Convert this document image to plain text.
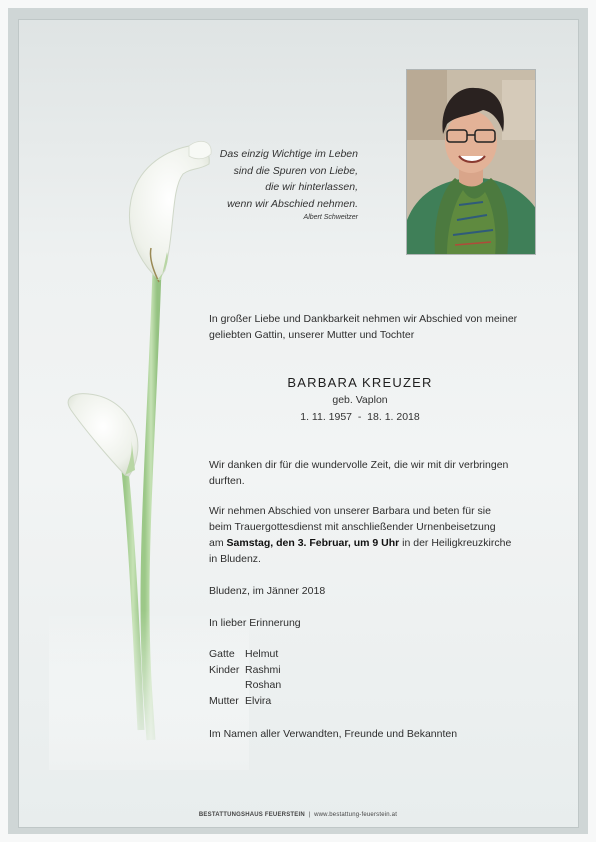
Das einzig Wichtige im Leben
sind die Spuren von Liebe,
die wir hinterlassen,
wenn wir Abschied nehmen.
Albert Schweitzer
In großer Liebe und Dankbarkeit nehmen wir Abschied von meiner
geliebten Gattin, unserer Mutter und Tochter
BARBARA KREUZER
geb. Vaplon
1. 11. 1957  -  18. 1. 2018
Wir danken dir für die wundervolle Zeit, die wir mit dir verbringen
durften.
Wir nehmen Abschied von unserer Barbara und beten für sie
beim Trauergottesdienst mit anschließender Urnenbeisetzung
am Samstag, den 3. Februar, um 9 Uhr in der Heiligkreuzkirche
in Bludenz.
Bludenz, im Jänner 2018
In lieber Erinnerung
Gatte	Helmut
Kinder	Rashmi
	Roshan
Mutter	Elvira
Im Namen aller Verwandten, Freunde und Bekannten
BESTATTUNGSHAUS FEUERSTEIN | www.bestattung-feuerstein.at
